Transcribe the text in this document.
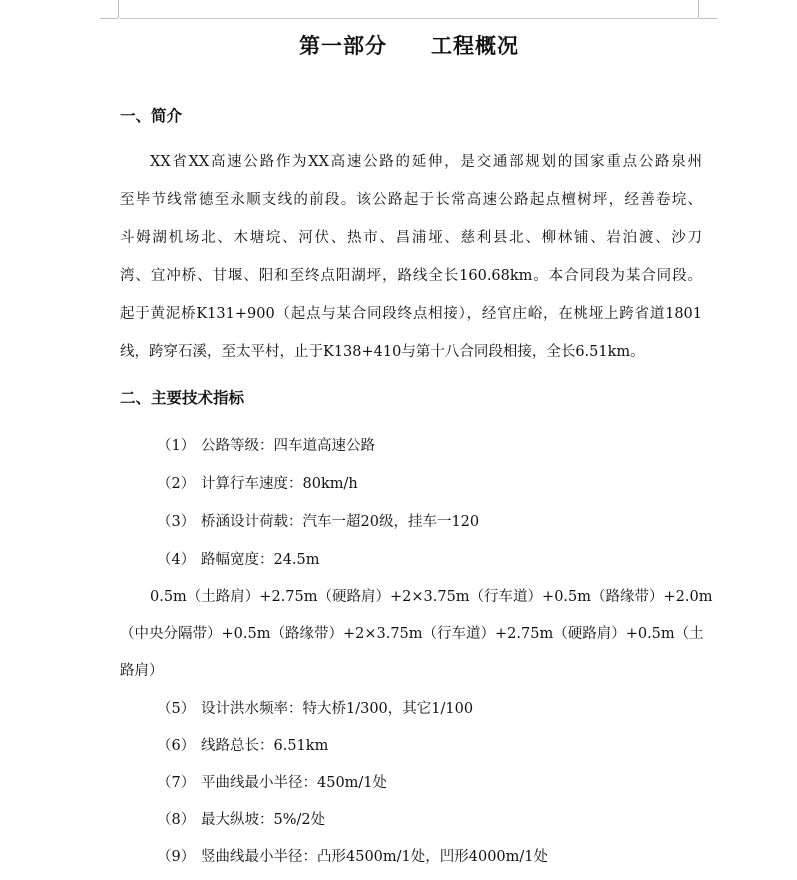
第一部分　　工程概况
一、简介
XX省XX高速公路作为XX高速公路的延伸，是交通部规划的国家重点公路泉州
至毕节线常德至永顺支线的前段。该公路起于长常高速公路起点檀树坪，经善卷垸、
斗姆湖机场北、木塘垸、河伏、热市、昌浦垭、慈利县北、柳林铺、岩泊渡、沙刀
湾、宜冲桥、甘堰、阳和至终点阳湖坪，路线全长160.68km。本合同段为某合同段。
起于黄泥桥K131+900（起点与某合同段终点相接），经官庄峪，在桃垭上跨省道1801
线，跨穿石溪，至太平村，止于K138+410与第十八合同段相接，全长6.51km。
二、主要技术指标
（1） 公路等级：四车道高速公路
（2） 计算行车速度：80km/h
（3） 桥涵设计荷载：汽车一超20级，挂车一120
（4） 路幅宽度：24.5m
0.5m（土路肩）+2.75m（硬路肩）+2×3.75m（行车道）+0.5m（路缘带）+2.0m
（中央分隔带）+0.5m（路缘带）+2×3.75m（行车道）+2.75m（硬路肩）+0.5m（土
路肩）
（5） 设计洪水频率：特大桥1/300，其它1/100
（6） 线路总长：6.51km
（7） 平曲线最小半径：450m/1处
（8） 最大纵坡：5%/2处
（9） 竖曲线最小半径：凸形4500m/1处，凹形4000m/1处
